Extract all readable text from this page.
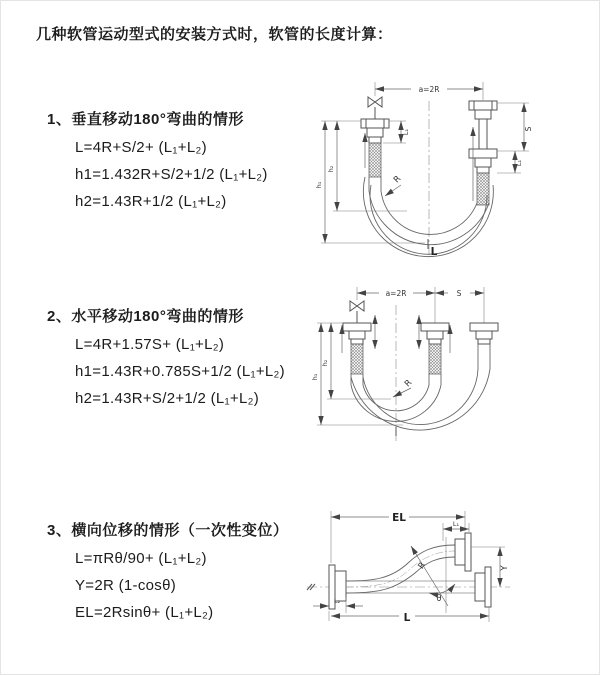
几种软管运动型式的安装方式时，软管的长度计算：
1、垂直移动180°弯曲的情形
L=4R+S/2+ (L₁+L₂)
h1=1.432R+S/2+1/2 (L₁+L₂)
h2=1.43R+1/2 (L₁+L₂)
2、水平移动180°弯曲的情形
L=4R+1.57S+ (L₁+L₂)
h1=1.43R+0.785S+1/2 (L₁+L₂)
h2=1.43R+S/2+1/2 (L₁+L₂)
3、横向位移的情形（一次性变位）
L=πRθ/90+ (L₁+L₂)
Y=2R (1-cosθ)
EL=2Rsinθ+ (L₁+L₂)
a=2R
L₁	S
L₁
h₂
h₁	R
L
a=2R	S
h₂
h₁
R
EL	L₁
Y
R
θ
L₂
L
